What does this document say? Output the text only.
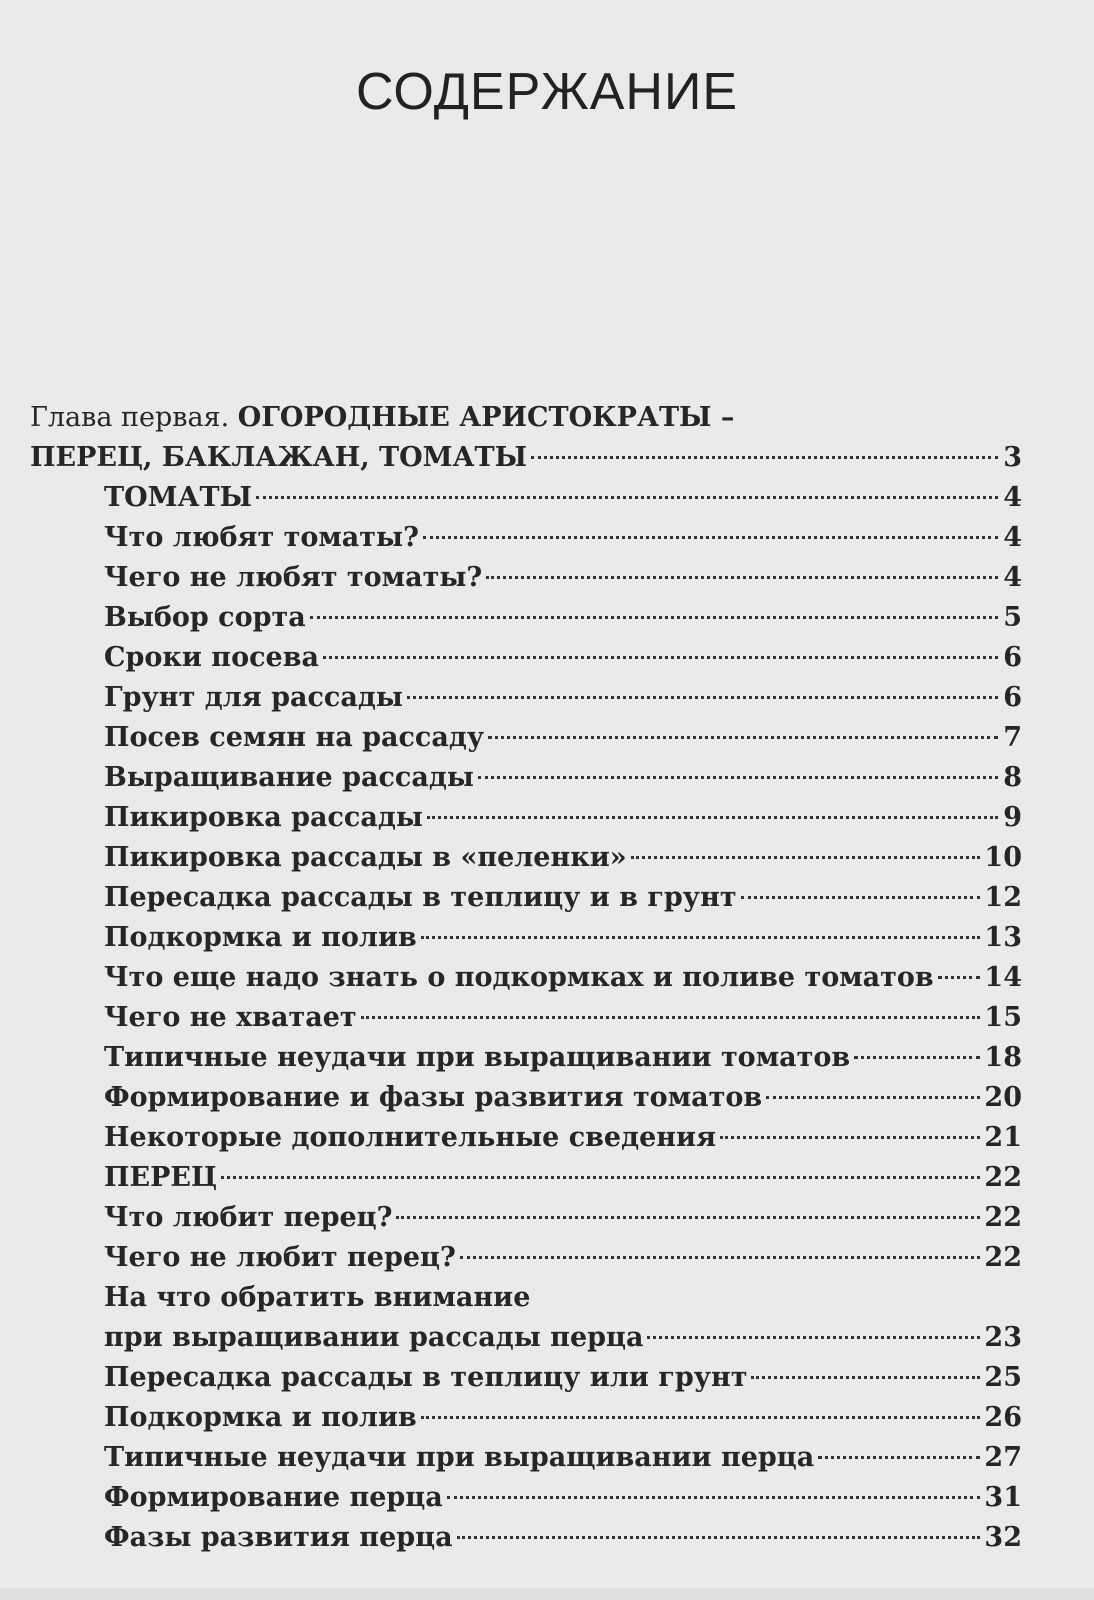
СОДЕРЖАНИЕ
Глава первая. ОГОРОДНЫЕ АРИСТОКРАТЫ –
ПЕРЕЦ, БАКЛАЖАН, ТОМАТЫ	3
ТОМАТЫ	4
Что любят томаты?	4
Чего не любят томаты?	4
Выбор сорта	5
Сроки посева	6
Грунт для рассады	6
Посев семян на рассаду	7
Выращивание рассады	8
Пикировка рассады	9
Пикировка рассады в «пеленки»	10
Пересадка рассады в теплицу и в грунт	12
Подкормка и полив	13
Что еще надо знать о подкормках и поливе томатов 14
Чего не хватает	15
Типичные неудачи при выращивании томатов	18
Формирование и фазы развития томатов	20
Некоторые дополнительные сведения	21
ПЕРЕЦ	22
Что любит перец?	22
Чего не любит перец?	22
На что обратить внимание
при выращивании рассады перца	23
Пересадка рассады в теплицу или грунт	25
Подкормка и полив	26
Типичные неудачи при выращивании перца	27
Формирование перца	31
Фазы развития перца	32
